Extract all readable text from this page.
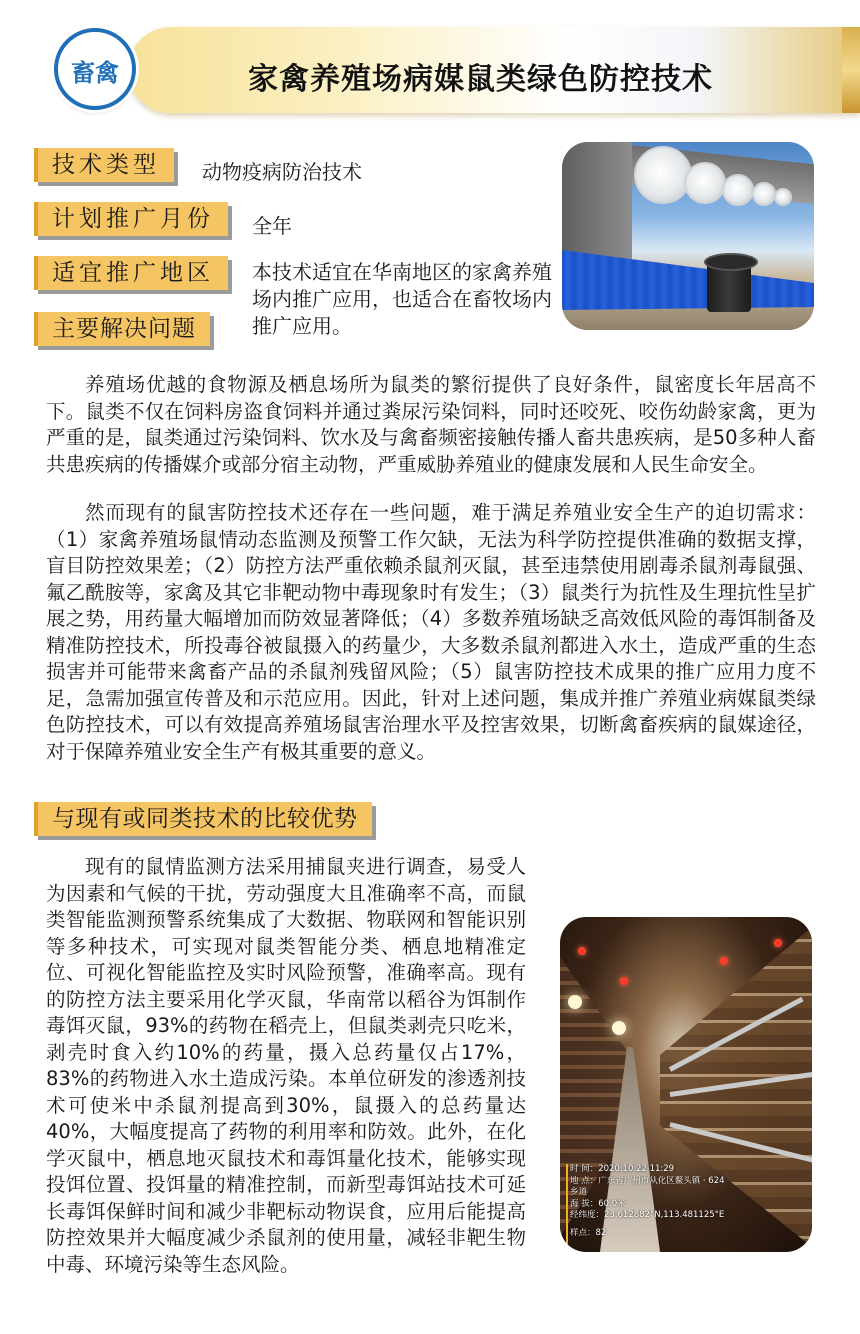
家禽养殖场病媒鼠类绿色防控技术
畜禽
技术类型	动物疫病防治技术
计划推广月份	全年
适宜推广地区	本技术适宜在华南地区的家禽养殖场内推广应用，也适合在畜牧场内推广应用。
主要解决问题

养殖场优越的食物源及栖息场所为鼠类的繁衍提供了良好条件，鼠密度长年居高不下。鼠类不仅在饲料房盗食饲料并通过粪尿污染饲料，同时还咬死、咬伤幼龄家禽，更为严重的是，鼠类通过污染饲料、饮水及与禽畜频密接触传播人畜共患疾病，是50多种人畜共患疾病的传播媒介或部分宿主动物，严重威胁养殖业的健康发展和人民生命安全。

然而现有的鼠害防控技术还存在一些问题，难于满足养殖业安全生产的迫切需求：（1）家禽养殖场鼠情动态监测及预警工作欠缺，无法为科学防控提供准确的数据支撑，盲目防控效果差；（2）防控方法严重依赖杀鼠剂灭鼠，甚至违禁使用剧毒杀鼠剂毒鼠强、氟乙酰胺等，家禽及其它非靶动物中毒现象时有发生；（3）鼠类行为抗性及生理抗性呈扩展之势，用药量大幅增加而防效显著降低；（4）多数养殖场缺乏高效低风险的毒饵制备及精准防控技术，所投毒谷被鼠摄入的药量少，大多数杀鼠剂都进入水土，造成严重的生态损害并可能带来禽畜产品的杀鼠剂残留风险；（5）鼠害防控技术成果的推广应用力度不足，急需加强宣传普及和示范应用。因此，针对上述问题，集成并推广养殖业病媒鼠类绿色防控技术，可以有效提高养殖场鼠害治理水平及控害效果，切断禽畜疾病的鼠媒途径，对于保障养殖业安全生产有极其重要的意义。

与现有或同类技术的比较优势

现有的鼠情监测方法采用捕鼠夹进行调查，易受人为因素和气候的干扰，劳动强度大且准确率不高，而鼠类智能监测预警系统集成了大数据、物联网和智能识别等多种技术，可实现对鼠类智能分类、栖息地精准定位、可视化智能监控及实时风险预警，准确率高。现有的防控方法主要采用化学灭鼠，华南常以稻谷为饵制作毒饵灭鼠，93%的药物在稻壳上，但鼠类剥壳只吃米，剥壳时食入约10%的药量，摄入总药量仅占17%，83%的药物进入水土造成污染。本单位研发的渗透剂技术可使米中杀鼠剂提高到30%，鼠摄入的总药量达40%，大幅度提高了药物的利用率和防效。此外，在化学灭鼠中，栖息地灭鼠技术和毒饵量化技术，能够实现投饵位置、投饵量的精准控制，而新型毒饵站技术可延长毒饵保鲜时间和减少非靶标动物误食，应用后能提高防控效果并大幅度减少杀鼠剂的使用量，减轻非靶生物中毒、环境污染等生态风险。

时 间：2020.10.22 11:29
地 点：广东省广州市从化区鳌头镇 · 624
乡道
海 拔：60.0米
经纬度：23.612882°N,113.481125°E
样点：82
